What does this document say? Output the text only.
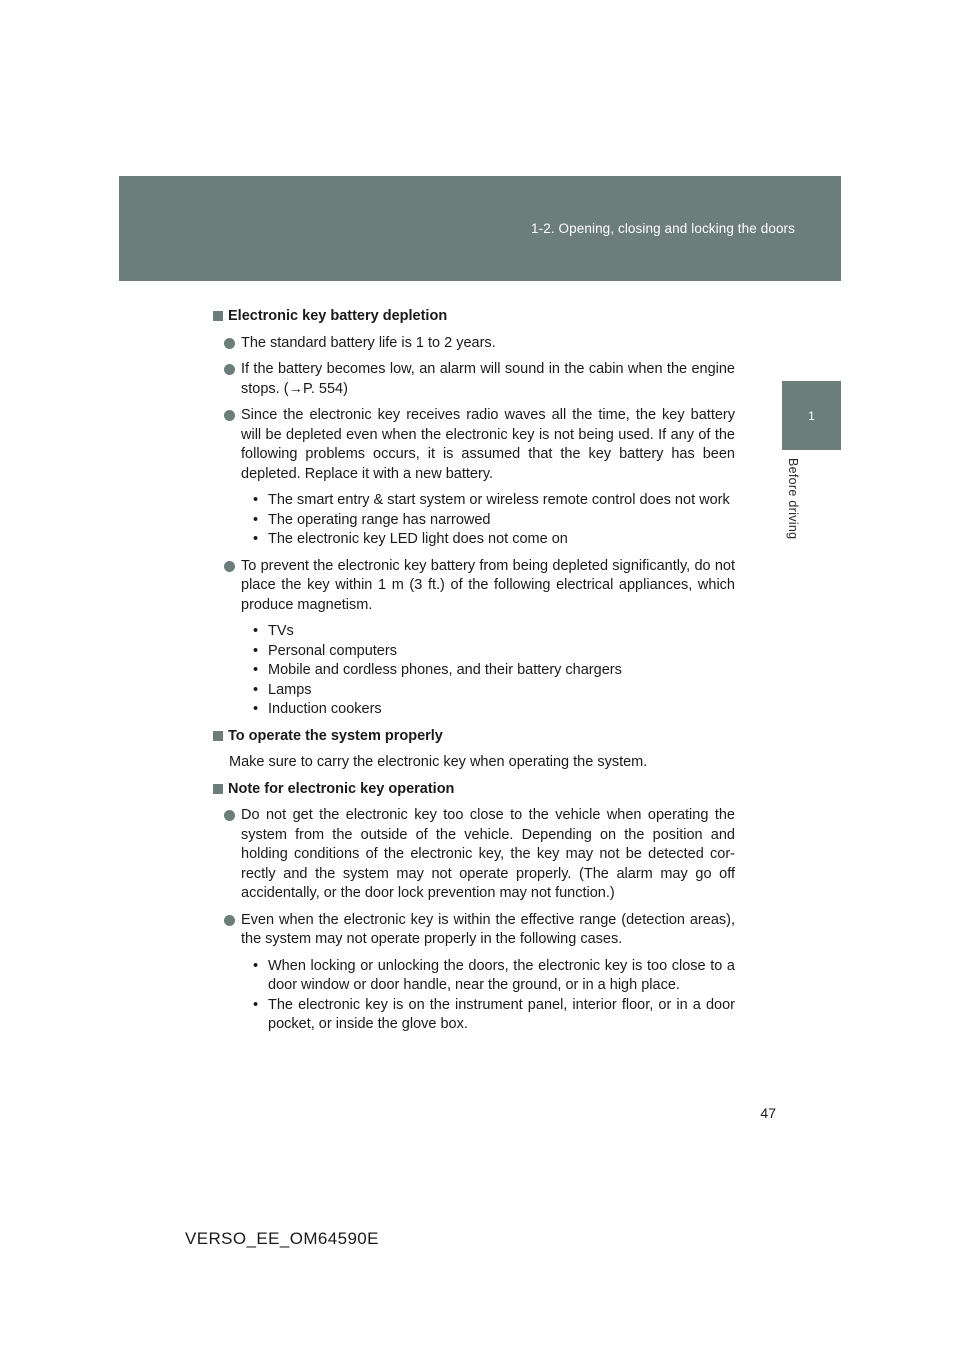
1-2. Opening, closing and locking the doors
1
Before driving
Electronic key battery depletion
The standard battery life is 1 to 2 years.
If the battery becomes low, an alarm will sound in the cabin when the engine stops. (→P. 554)
Since the electronic key receives radio waves all the time, the key battery will be depleted even when the electronic key is not being used. If any of the following problems occurs, it is assumed that the key battery has been depleted. Replace it with a new battery.
• The smart entry & start system or wireless remote control does not work
• The operating range has narrowed
• The electronic key LED light does not come on
To prevent the electronic key battery from being depleted significantly, do not place the key within 1 m (3 ft.) of the following electrical appliances, which produce magnetism.
• TVs
• Personal computers
• Mobile and cordless phones, and their battery chargers
• Lamps
• Induction cookers
To operate the system properly
Make sure to carry the electronic key when operating the system.
Note for electronic key operation
Do not get the electronic key too close to the vehicle when operating the system from the outside of the vehicle. Depending on the position and holding conditions of the electronic key, the key may not be detected cor-rectly and the system may not operate properly. (The alarm may go off accidentally, or the door lock prevention may not function.)
Even when the electronic key is within the effective range (detection areas), the system may not operate properly in the following cases.
• When locking or unlocking the doors, the electronic key is too close to a door window or door handle, near the ground, or in a high place.
• The electronic key is on the instrument panel, interior floor, or in a door pocket, or inside the glove box.
47
VERSO_EE_OM64590E
